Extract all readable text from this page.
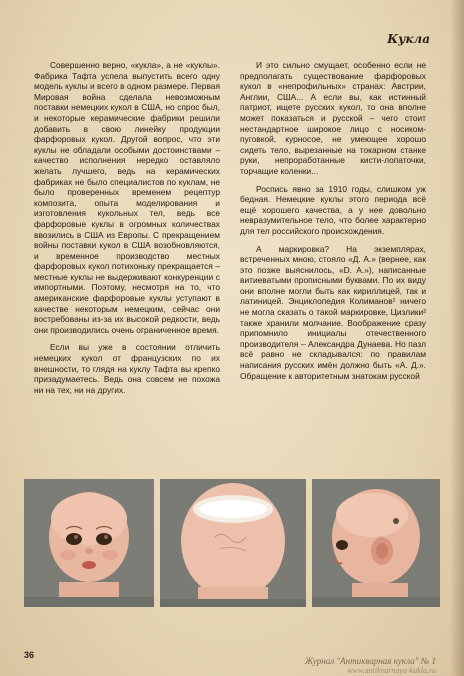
Кукла

Совершенно верно, «кукла», а не «куклы». Фабрика Тафта успела выпустить всего одну модель куклы и всего в одном размере. Первая Мировая война сделала невозможным поставки немецких кукол в США, но спрос был, и некоторые керамические фабрики решили добавить в свою линейку продукции фарфоровых кукол. Другой вопрос, что эти куклы не обладали особыми достоинствами – качество исполнения нередко оставляло желать лучшего, ведь на керамических фабриках не было специалистов по куклам, не было проверенных временем рецептур композита, опыта моделирования и изготовления кукольных тел, ведь все фарфоровые куклы в огромных количествах ввозились в США из Европы. С прекращением войны поставки кукол в США возобновляются, и временное производство местных фарфоровых кукол потихоньку прекращается – местные куклы не выдерживают конкуренции с импортными. Поэтому, несмотря на то, что американские фарфоровые куклы уступают в качестве некоторым немецким, сейчас они востребованы из-за их высокой редкости, ведь они производились очень ограниченное время.

Если вы уже в состоянии отличить немецких кукол от французских по их внешности, то глядя на куклу Тафта вы крепко призадумаетесь. Ведь она совсем не похожа ни на тех, ни на других.

И это сильно смущает, особенно если не предполагать существование фарфоровых кукол в «непрофильных» странах: Австрии, Англии, США... А если вы, как истинный патриот, ищете русских кукол, то она вполне может показаться и русской – чего стоит нестандартное широкое лицо с носиком-пуговкой, курносое, не умеющее хорошо сидеть тело, вырезанные на токарном станке руки, непроработанные кисти-лопаточки, торчащие коленки...

Роспись явно за 1910 годы, слишком уж бедная. Немецкие куклы этого периода всё ещё хорошего качества, а у нее довольно невразумительное тело, что более характерно для тел российского происхождения.

А маркировка? На экземплярах, встреченных мною, стояло «Д. А.» (вернее, как это позже выяснилось, «D. A.»), написанные витиеватыми прописными буквами. По их виду они вполне могли быть как кириллицей, так и латиницей. Энциклопедия Колиманов¹ ничего не могла сказать о такой маркировке, Цизлики² также хранили молчание. Воображение сразу припомнило инициалы отечественного производителя – Александра Дунаева. Но пазл всё равно не складывался: по правилам написания русских имён должно быть «А. Д.». Обращение к авторитетным знатокам русской

36
Журнал "Антикварная кукла" № 1
www.antikvarnaya-kukla.ru
